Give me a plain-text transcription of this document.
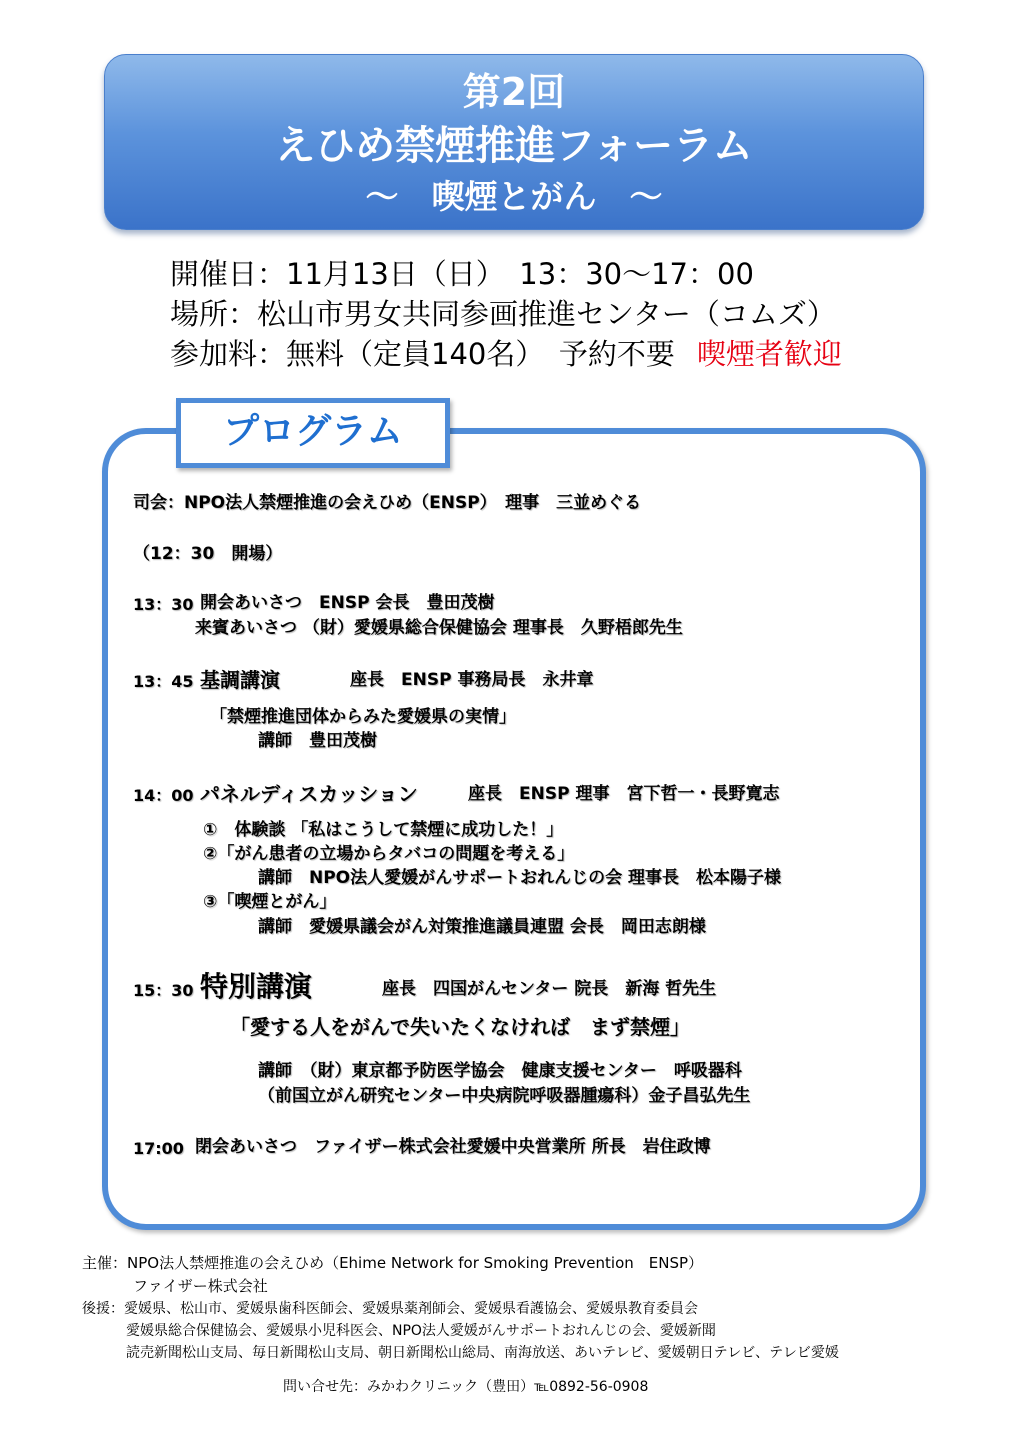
第2回
えひめ禁煙推進フォーラム
～　喫煙とがん　～
開催日：11月13日（日）　13：30〜17：00
場所：松山市男女共同参画推進センター（コムズ）
参加料：無料（定員140名）　予約不要 喫煙者歓迎
プログラム
司会：NPO法人禁煙推進の会えひめ（ENSP）　理事　三並めぐる
（12：30　開場）
13：30 開会あいさつ　ENSP 会長　豊田茂樹
来賓あいさつ （財）愛媛県総合保健協会 理事長　久野梧郎先生
13：45 基調講演	座長　ENSP 事務局長　永井章
「禁煙推進団体からみた愛媛県の実情」
講師　豊田茂樹
14：00 パネルディスカッション	座長　ENSP 理事　宮下哲一・長野寛志
①　体験談 「私はこうして禁煙に成功した！」
②「がん患者の立場からタバコの問題を考える」
講師　NPO法人愛媛がんサポートおれんじの会 理事長　松本陽子様
③「喫煙とがん」
講師　愛媛県議会がん対策推進議員連盟 会長　岡田志朗様
15：30 特別講演	座長　四国がんセンター 院長　新海 哲先生
「愛する人をがんで失いたくなければ　まず禁煙」
講師　（財）東京都予防医学協会　健康支援センター　呼吸器科
（前国立がん研究センター中央病院呼吸器腫瘍科）金子昌弘先生
17:00 閉会あいさつ　ファイザー株式会社愛媛中央営業所 所長　岩住政博
主催：NPO法人禁煙推進の会えひめ（Ehime Network for Smoking Prevention　ENSP）
ファイザー株式会社
後援：愛媛県、松山市、愛媛県歯科医師会、愛媛県薬剤師会、愛媛県看護協会、愛媛県教育委員会
愛媛県総合保健協会、愛媛県小児科医会、NPO法人愛媛がんサポートおれんじの会、愛媛新聞
読売新聞松山支局、毎日新聞松山支局、朝日新聞松山総局、南海放送、あいテレビ、愛媛朝日テレビ、テレビ愛媛
問い合せ先：みかわクリニック（豊田）℡0892-56-0908
